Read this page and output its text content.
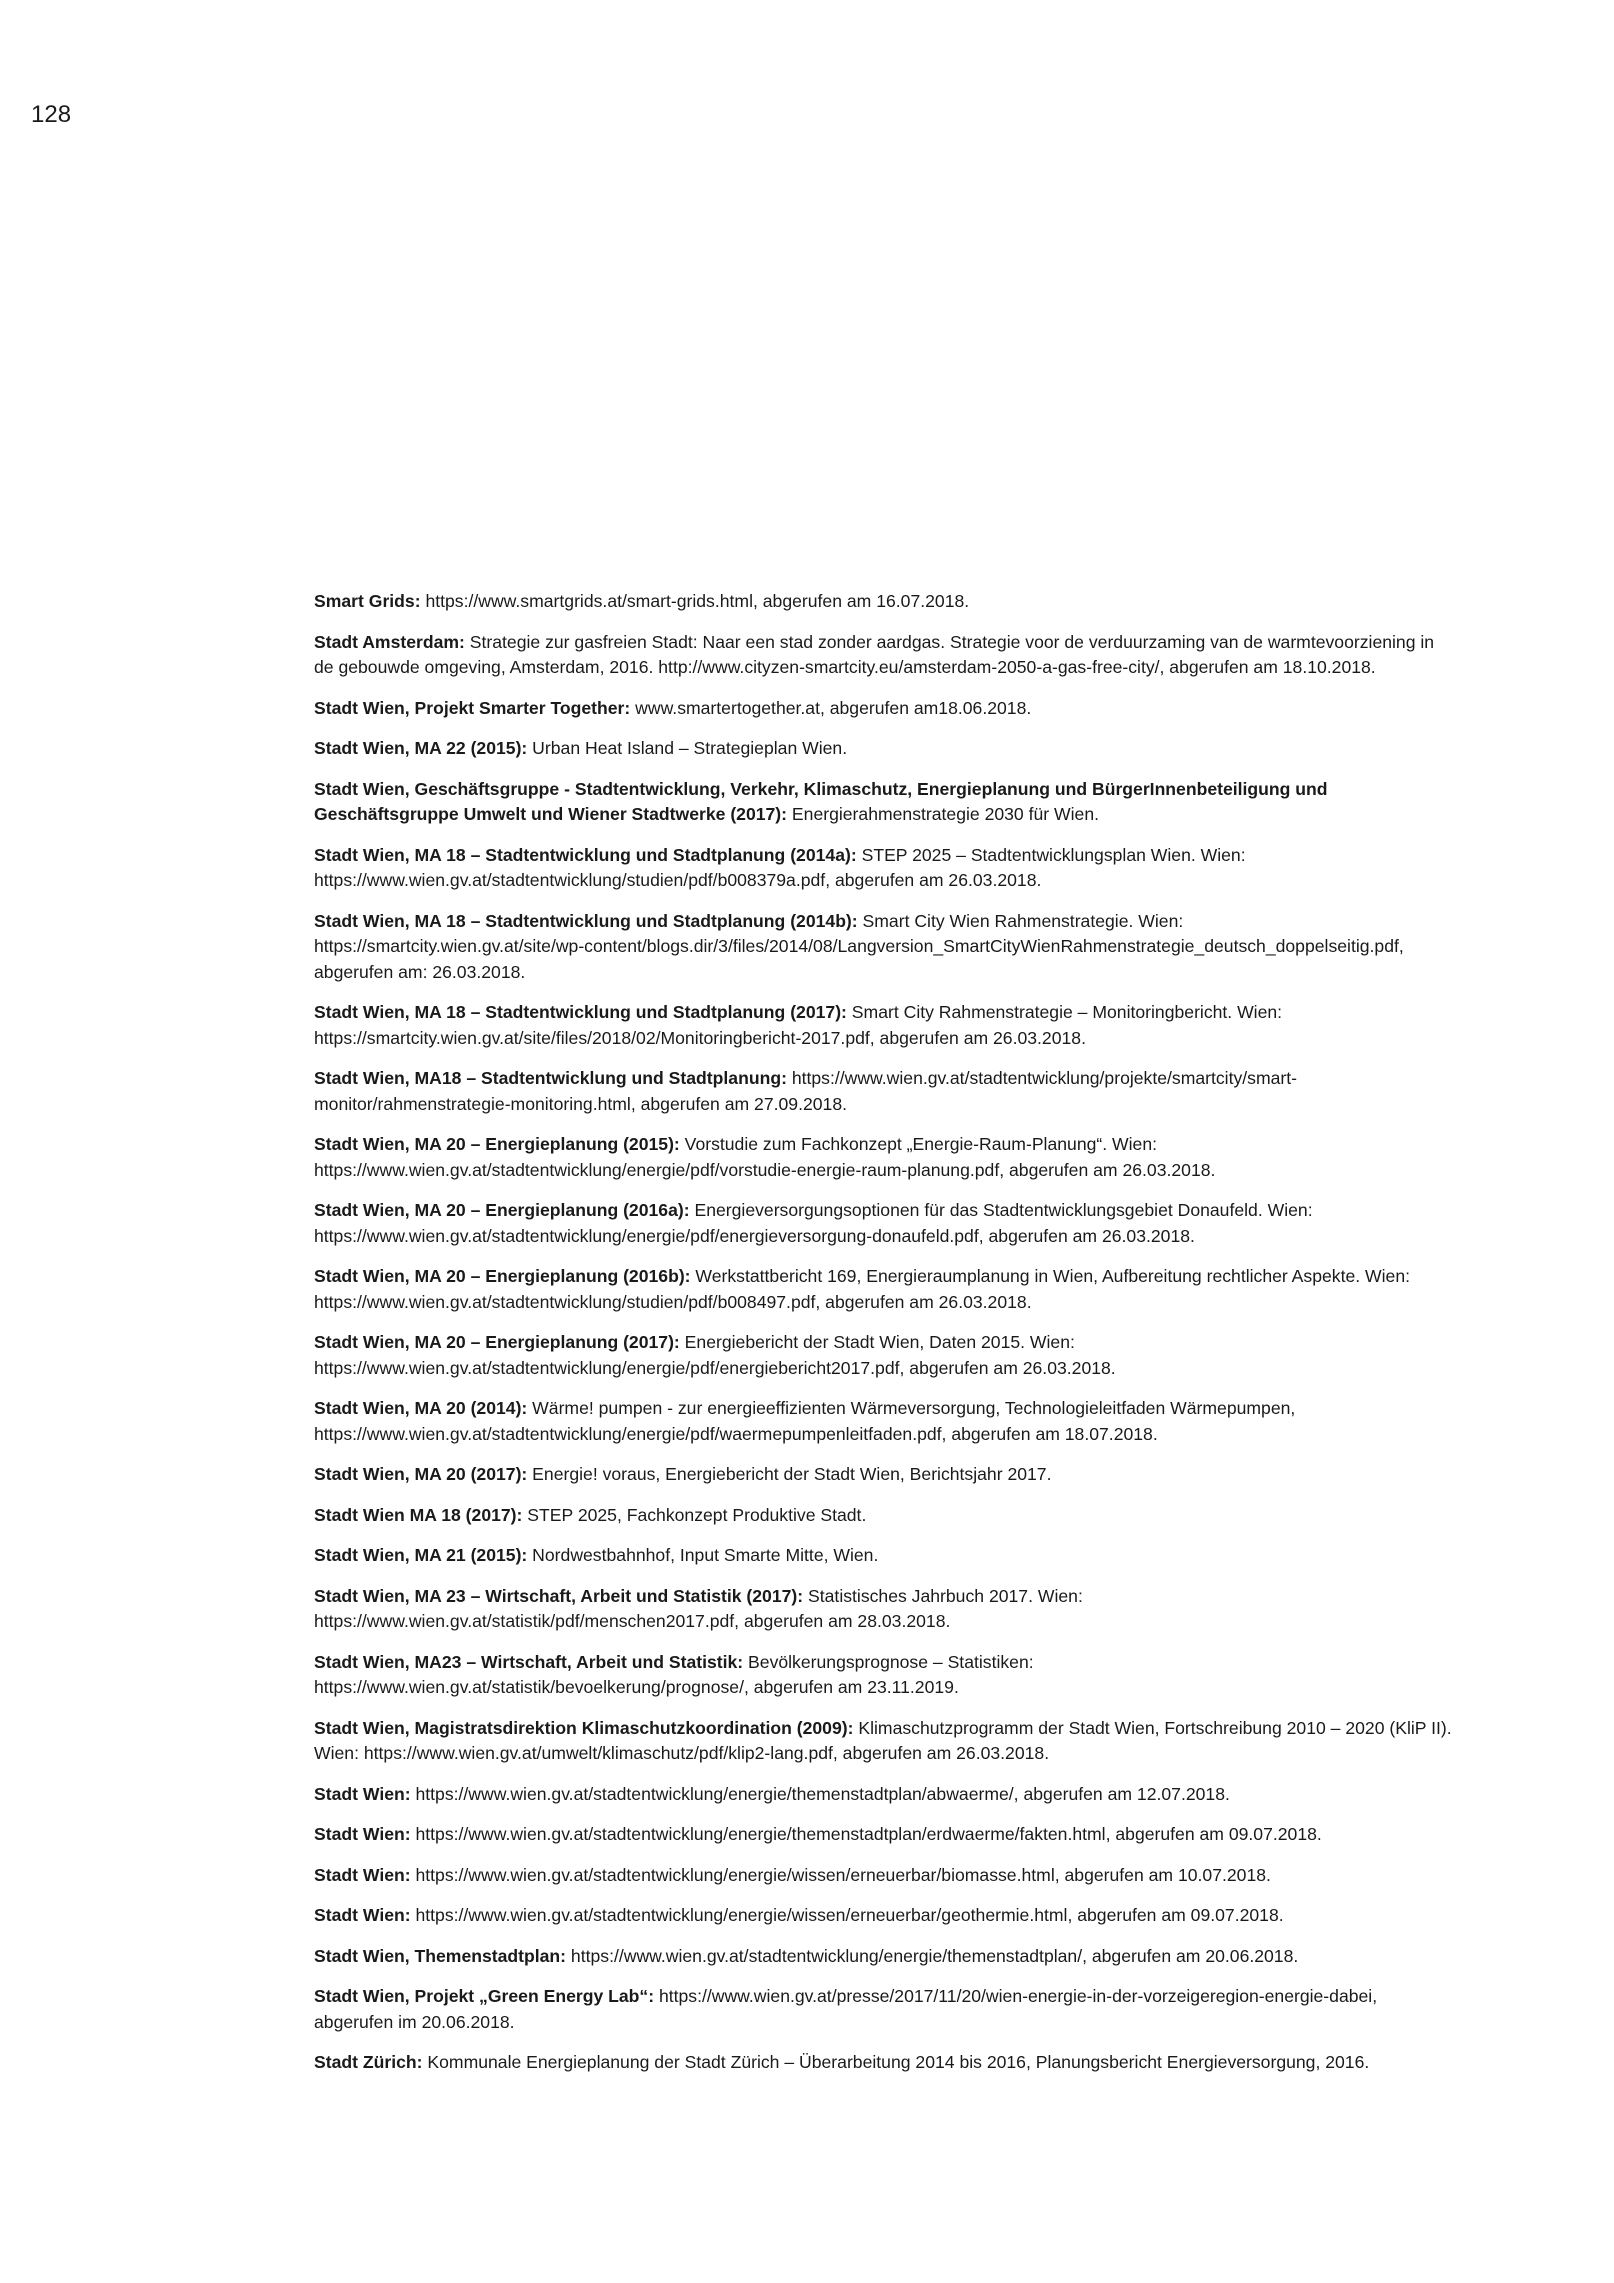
128
Smart Grids: https://www.smartgrids.at/smart-grids.html, abgerufen am 16.07.2018.
Stadt Amsterdam: Strategie zur gasfreien Stadt: Naar een stad zonder aardgas. Strategie voor de verduurzaming van de warmtevoorziening in de gebouwde omgeving, Amsterdam, 2016. http://www.cityzen-smartcity.eu/amsterdam-2050-a-gas-free-city/, abgerufen am 18.10.2018.
Stadt Wien, Projekt Smarter Together: www.smartertogether.at, abgerufen am18.06.2018.
Stadt Wien, MA 22 (2015): Urban Heat Island – Strategieplan Wien.
Stadt Wien, Geschäftsgruppe - Stadtentwicklung, Verkehr, Klimaschutz, Energieplanung und BürgerInnenbeteiligung und Geschäftsgruppe Umwelt und Wiener Stadtwerke (2017): Energierahmenstrategie 2030 für Wien.
Stadt Wien, MA 18 – Stadtentwicklung und Stadtplanung (2014a): STEP 2025 – Stadtentwicklungsplan Wien. Wien: https://www.wien.gv.at/stadtentwicklung/studien/pdf/b008379a.pdf, abgerufen am 26.03.2018.
Stadt Wien, MA 18 – Stadtentwicklung und Stadtplanung (2014b): Smart City Wien Rahmenstrategie. Wien: https://smartcity.wien.gv.at/site/wp-content/blogs.dir/3/files/2014/08/Langversion_SmartCityWienRahmenstrategie_deutsch_doppelseitig.pdf, abgerufen am: 26.03.2018.
Stadt Wien, MA 18 – Stadtentwicklung und Stadtplanung (2017): Smart City Rahmenstrategie – Monitoringbericht. Wien: https://smartcity.wien.gv.at/site/files/2018/02/Monitoringbericht-2017.pdf, abgerufen am 26.03.2018.
Stadt Wien, MA18 – Stadtentwicklung und Stadtplanung: https://www.wien.gv.at/stadtentwicklung/projekte/smartcity/smart-monitor/rahmenstrategie-monitoring.html, abgerufen am 27.09.2018.
Stadt Wien, MA 20 – Energieplanung (2015): Vorstudie zum Fachkonzept „Energie-Raum-Planung“. Wien: https://www.wien.gv.at/stadtentwicklung/energie/pdf/vorstudie-energie-raum-planung.pdf, abgerufen am 26.03.2018.
Stadt Wien, MA 20 – Energieplanung (2016a): Energieversorgungsoptionen für das Stadtentwicklungsgebiet Donaufeld. Wien: https://www.wien.gv.at/stadtentwicklung/energie/pdf/energieversorgung-donaufeld.pdf, abgerufen am 26.03.2018.
Stadt Wien, MA 20 – Energieplanung (2016b): Werkstattbericht 169, Energieraumplanung in Wien, Aufbereitung rechtlicher Aspekte. Wien: https://www.wien.gv.at/stadtentwicklung/studien/pdf/b008497.pdf, abgerufen am 26.03.2018.
Stadt Wien, MA 20 – Energieplanung (2017): Energiebericht der Stadt Wien, Daten 2015. Wien: https://www.wien.gv.at/stadtentwicklung/energie/pdf/energiebericht2017.pdf, abgerufen am 26.03.2018.
Stadt Wien, MA 20 (2014): Wärme! pumpen - zur energieeffizienten Wärmeversorgung, Technologieleitfaden Wärmepumpen, https://www.wien.gv.at/stadtentwicklung/energie/pdf/waermepumpenleitfaden.pdf, abgerufen am 18.07.2018.
Stadt Wien, MA 20 (2017): Energie! voraus, Energiebericht der Stadt Wien, Berichtsjahr 2017.
Stadt Wien MA 18 (2017): STEP 2025, Fachkonzept Produktive Stadt.
Stadt Wien, MA 21 (2015): Nordwestbahnhof, Input Smarte Mitte, Wien.
Stadt Wien, MA 23 – Wirtschaft, Arbeit und Statistik (2017): Statistisches Jahrbuch 2017. Wien: https://www.wien.gv.at/statistik/pdf/menschen2017.pdf, abgerufen am 28.03.2018.
Stadt Wien, MA23 – Wirtschaft, Arbeit und Statistik: Bevölkerungsprognose – Statistiken: https://www.wien.gv.at/statistik/bevoelkerung/prognose/, abgerufen am 23.11.2019.
Stadt Wien, Magistratsdirektion Klimaschutzkoordination (2009): Klimaschutzprogramm der Stadt Wien, Fortschreibung 2010 – 2020 (KliP II). Wien: https://www.wien.gv.at/umwelt/klimaschutz/pdf/klip2-lang.pdf, abgerufen am 26.03.2018.
Stadt Wien: https://www.wien.gv.at/stadtentwicklung/energie/themenstadtplan/abwaerme/, abgerufen am 12.07.2018.
Stadt Wien: https://www.wien.gv.at/stadtentwicklung/energie/themenstadtplan/erdwaerme/fakten.html, abgerufen am 09.07.2018.
Stadt Wien: https://www.wien.gv.at/stadtentwicklung/energie/wissen/erneuerbar/biomasse.html, abgerufen am 10.07.2018.
Stadt Wien: https://www.wien.gv.at/stadtentwicklung/energie/wissen/erneuerbar/geothermie.html, abgerufen am 09.07.2018.
Stadt Wien, Themenstadtplan: https://www.wien.gv.at/stadtentwicklung/energie/themenstadtplan/, abgerufen am 20.06.2018.
Stadt Wien, Projekt „Green Energy Lab“: https://www.wien.gv.at/presse/2017/11/20/wien-energie-in-der-vorzeigeregion-energie-dabei, abgerufen im 20.06.2018.
Stadt Zürich: Kommunale Energieplanung der Stadt Zürich – Überarbeitung 2014 bis 2016, Planungsbericht Energieversorgung, 2016.
